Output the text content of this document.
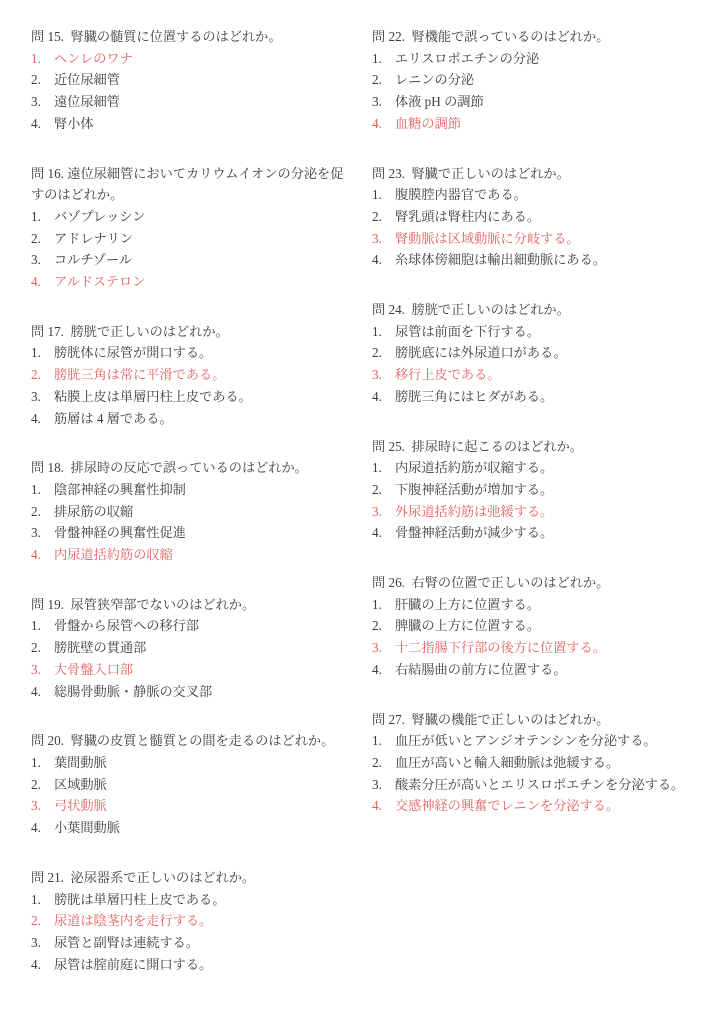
問 15.  腎臓の髄質に位置するのはどれか。

1. ヘンレのワナ

2. 近位尿細管

3. 遠位尿細管

4. 腎小体

問 16. 遠位尿細管においてカリウムイオンの分泌を促すのはどれか。

1. バゾプレッシン

2. アドレナリン

3. コルチゾール

4. アルドステロン

問 17.  膀胱で正しいのはどれか。

1. 膀胱体に尿管が開口する。

2. 膀胱三角は常に平滑である。

3. 粘膜上皮は単層円柱上皮である。

4. 筋層は 4 層である。

問 18.  排尿時の反応で誤っているのはどれか。

1. 陰部神経の興奮性抑制

2. 排尿筋の収縮

3. 骨盤神経の興奮性促進

4. 内尿道括約筋の収縮

問 19.  尿管狭窄部でないのはどれか。

1. 骨盤から尿管への移行部

2. 膀胱壁の貫通部

3. 大骨盤入口部

4. 総腸骨動脈・静脈の交叉部

問 20.  腎臓の皮質と髄質との間を走るのはどれか。

1. 葉間動脈

2. 区域動脈

3. 弓状動脈

4. 小葉間動脈

問 21.  泌尿器系で正しいのはどれか。

1. 膀胱は単層円柱上皮である。

2. 尿道は陰茎内を走行する。

3. 尿管と副腎は連続する。

4. 尿管は腟前庭に開口する。

問 22.  腎機能で誤っているのはどれか。

1. エリスロポエチンの分泌

2. レニンの分泌

3. 体液 pH の調節

4. 血糖の調節

問 23.  腎臓で正しいのはどれか。

1. 腹膜腔内器官である。

2. 腎乳頭は腎柱内にある。

3. 腎動脈は区域動脈に分岐する。

4. 糸球体傍細胞は輸出細動脈にある。

問 24.  膀胱で正しいのはどれか。

1. 尿管は前面を下行する。

2. 膀胱底には外尿道口がある。

3. 移行上皮である。

4. 膀胱三角にはヒダがある。

問 25.  排尿時に起こるのはどれか。

1. 内尿道括約筋が収縮する。

2. 下腹神経活動が増加する。

3. 外尿道括約筋は弛緩する。

4. 骨盤神経活動が減少する。

問 26.  右腎の位置で正しいのはどれか。

1. 肝臓の上方に位置する。

2. 脾臓の上方に位置する。

3. 十二指腸下行部の後方に位置する。

4. 右結腸曲の前方に位置する。

問 27.  腎臓の機能で正しいのはどれか。

1. 血圧が低いとアンジオテンシンを分泌する。

2. 血圧が高いと輸入細動脈は弛緩する。

3. 酸素分圧が高いとエリスロポエチンを分泌する。

4. 交感神経の興奮でレニンを分泌する。
